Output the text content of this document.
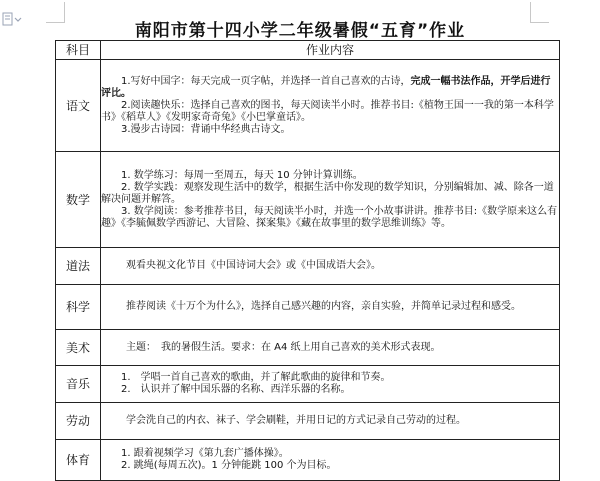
南阳市第十四小学二年级暑假“五育”作业
科目	作业内容
语文	1.写好中国字：每天完成一页字帖，并选择一首自己喜欢的古诗，完成一幅书法作品，开学后进行评比。

2.阅读趣快乐：选择自己喜欢的图书，每天阅读半小时。推荐书目:《植物王国一一我的第一本科学书》《稻草人》《发明家奇奇兔》《小巴掌童话》。

3.漫步古诗园：背诵中华经典古诗文。

数学	1. 数学练习：每周一至周五，每天 10 分钟计算训练。

2. 数学实践：观察发现生活中的数学，根据生活中你发现的数学知识，分别编辑加、减、除各一道解决问题并解答。

3. 数学阅读：参考推荐书目，每天阅读半小时，并选一个小故事讲讲。推荐书目:《数学原来这么有趣》《李毓佩数学西游记、大冒险、探案集》《藏在故事里的数学思维训练》等。

道法	观看央视文化节目《中国诗词大会》或《中国成语大会》。

科学	推荐阅读《十万个为什么》，选择自己感兴趣的内容，亲自实验，并简单记录过程和感受。

美术	主题：　我的暑假生活。要求：在 A4 纸上用自己喜欢的美术形式表现。

音乐	1.　学唱一首自己喜欢的歌曲，并了解此歌曲的旋律和节奏。

2.　认识并了解中国乐器的名称、西洋乐器的名称。

劳动	学会洗自己的内衣、袜子、学会刷鞋，并用日记的方式记录自己劳动的过程。

体育	1. 跟着视频学习《第九套广播体操》。

2. 跳绳(每周五次)。1 分钟能跳 100 个为目标。
